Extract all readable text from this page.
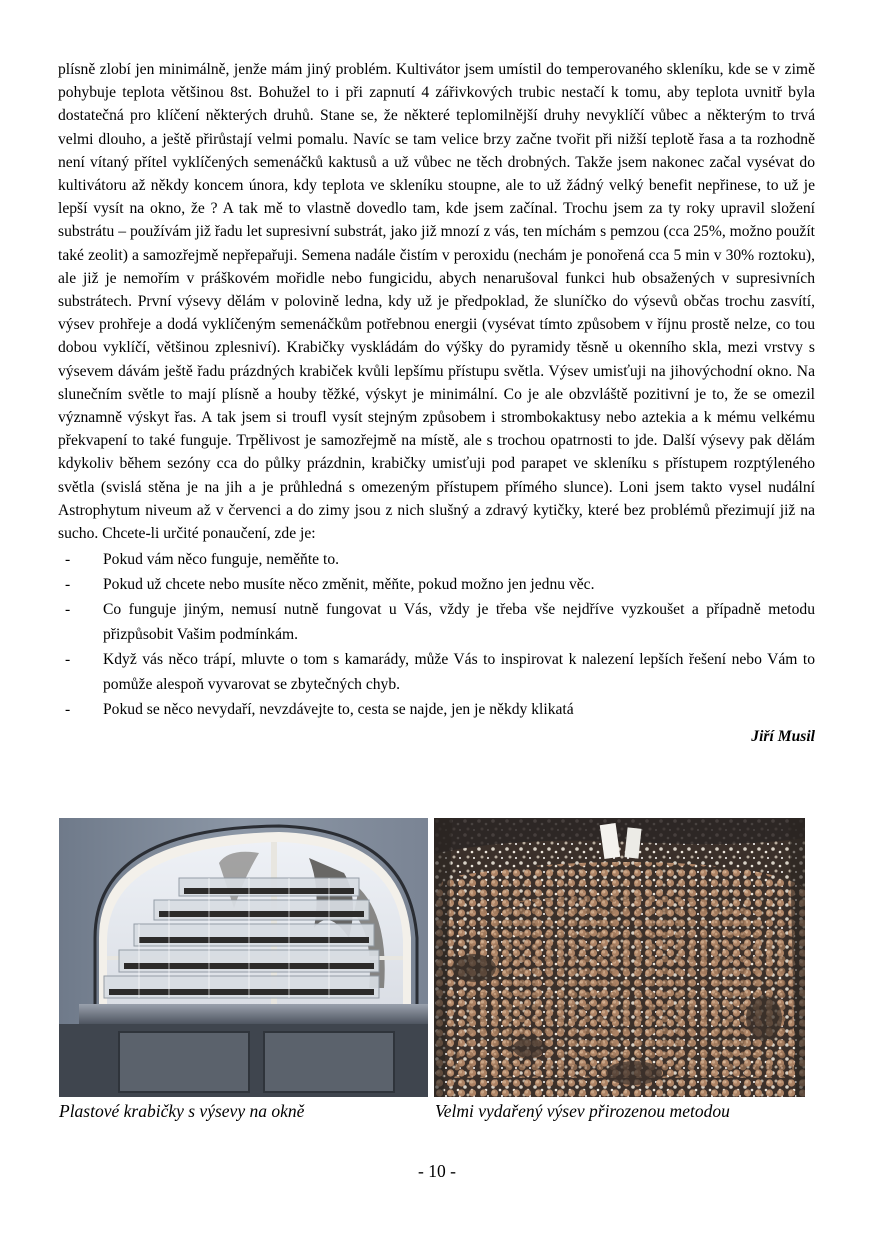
plísně zlobí jen minimálně, jenže mám jiný problém. Kultivátor jsem umístil do temperovaného skleníku, kde se v zimě pohybuje teplota většinou 8st. Bohužel to i při zapnutí 4 zářivkových trubic nestačí k tomu, aby teplota uvnitř byla dostatečná pro klíčení některých druhů. Stane se, že některé teplomilnější druhy nevyklíčí vůbec a některým to trvá velmi dlouho, a ještě přirůstají velmi pomalu. Navíc se tam velice brzy začne tvořit při nižší teplotě řasa a ta rozhodně není vítaný přítel vyklíčených semenáčků kaktusů a už vůbec ne těch drobných. Takže jsem nakonec začal vysévat do kultivátoru až někdy koncem února, kdy teplota ve skleníku stoupne, ale to už žádný velký benefit nepřinese, to už je lepší vysít na okno, že ? A tak mě to vlastně dovedlo tam, kde jsem začínal. Trochu jsem za ty roky upravil složení substrátu – používám již řadu let supresivní substrát, jako již mnozí z vás, ten míchám s pemzou (cca 25%, možno použít také zeolit) a samozřejmě nepřepařuji. Semena nadále čistím v peroxidu (nechám je ponořená cca 5 min v 30% roztoku), ale již je nemořím v práškovém mořidle nebo fungicidu, abych nenarušoval funkci hub obsažených v supresivních substrátech. První výsevy dělám v polovině ledna, kdy už je předpoklad, že sluníčko do výsevů občas trochu zasvítí, výsev prohřeje a dodá vyklíčeným semenáčkům potřebnou energii (vysévat tímto způsobem v říjnu prostě nelze, co tou dobou vyklíčí, většinou zplesniví). Krabičky vyskládám do výšky do pyramidy těsně u okenního skla, mezi vrstvy s výsevem dávám ještě řadu prázdných krabiček kvůli lepšímu přístupu světla. Výsev umisťuji na jihovýchodní okno. Na slunečním světle to mají plísně a houby těžké, výskyt je minimální. Co je ale obzvláště pozitivní je to, že se omezil významně výskyt řas. A tak jsem si troufl vysít stejným způsobem i strombokaktusy nebo aztekia a k mému velkému překvapení to také funguje. Trpělivost je samozřejmě na místě, ale s trochou opatrnosti to jde. Další výsevy pak dělám kdykoliv během sezóny cca do půlky prázdnin, krabičky umisťuji pod parapet ve skleníku s přístupem rozptýleného světla (svislá stěna je na jih a je průhledná s omezeným přístupem přímého slunce). Loni jsem takto vysel nudální Astrophytum niveum až v červenci a do zimy jsou z nich slušný a zdravý kytičky, které bez problémů přezimují již na sucho. Chcete-li určité ponaučení, zde je:

- Pokud vám něco funguje, neměňte to.
- Pokud už chcete nebo musíte něco změnit, měňte, pokud možno jen jednu věc.
- Co funguje jiným, nemusí nutně fungovat u Vás, vždy je třeba vše nejdříve vyzkoušet a případně metodu přizpůsobit Vašim podmínkám.
- Když vás něco trápí, mluvte o tom s kamarády, může Vás to inspirovat k nalezení lepších řešení nebo Vám to pomůže alespoň vyvarovat se zbytečných chyb.
- Pokud se něco nevydaří, nevzdávejte to, cesta se najde, jen je někdy klikatá
Jiří Musil
Plastové krabičky s výsevy na okně	Velmi vydařený výsev přirozenou metodou
- 10 -
